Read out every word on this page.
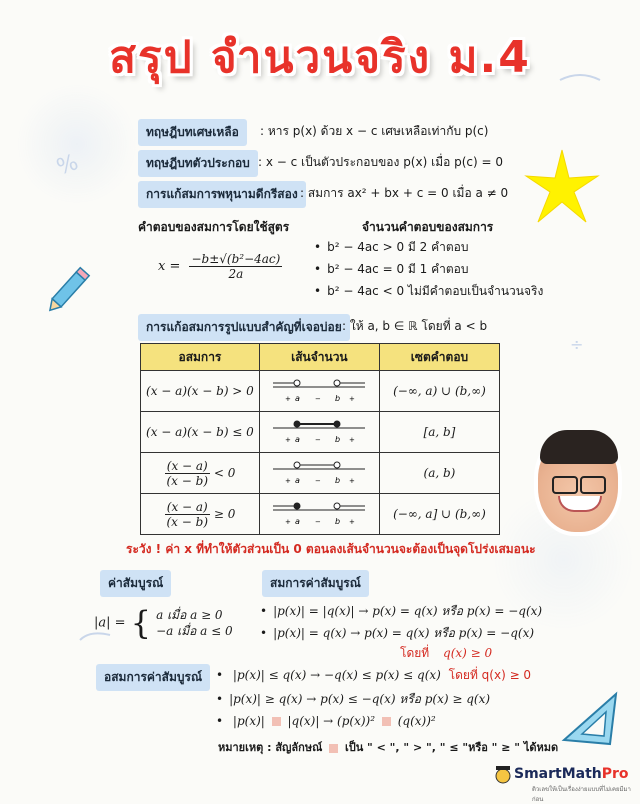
%
÷
สรุป จำนวนจริง ม.4
ทฤษฎีบทเศษเหลือ	: หาร p(x) ด้วย x − c เศษเหลือเท่ากับ p(c)
ทฤษฎีบทตัวประกอบ : x − c เป็นตัวประกอบของ p(x) เมื่อ p(c) = 0
การแก้สมการพหุนามดีกรีสอง : สมการ ax² + bx + c = 0 เมื่อ a ≠ 0
คำตอบของสมการโดยใช้สูตร
$x = \frac{\text{−b±√(b²−4ac)}}{2a}$
จำนวนคำตอบของสมการ
• b² − 4ac > 0 มี 2 คำตอบ
• b² − 4ac = 0 มี 1 คำตอบ
• b² − 4ac < 0 ไม่มีคำตอบเป็นจำนวนจริง
การแก้อสมการรูปแบบสำคัญที่เจอบ่อย : ให้ a, b ∈ ℝ โดยที่ a < b
อสมการ	เส้นจำนวน	เซตคำตอบ
(x − a)(x − b) > 0	+ a − b +	(−∞, a) ∪ (b,∞)
(x − a)(x − b) ≤ 0	+ a − b +	[a, b]

$\frac{(x - a)}{(x - b)} < 0$	+ a − b +	(a, b)

$\frac{(x - a)}{(x - b)} \ge 0$	+ a − b +	(−∞, a] ∪ (b,∞)
ระวัง ! ค่า x ที่ทำให้ตัวส่วนเป็น 0 ตอนลงเส้นจำนวนจะต้องเป็นจุดโปร่งเสมอนะ
ค่าสัมบูรณ์
|a| = { a เมื่อ a ≥ 0
−a เมื่อ a ≤ 0
สมการค่าสัมบูรณ์
• |p(x)| = |q(x)| → p(x) = q(x) หรือ p(x) = −q(x)
• |p(x)| = q(x) → p(x) = q(x) หรือ p(x) = −q(x)
โดยที่ q(x) ≥ 0
อสมการค่าสัมบูรณ์	• |p(x)| ≤ q(x) → −q(x) ≤ p(x) ≤ q(x) โดยที่ q(x) ≥ 0
• |p(x)| ≥ q(x) → p(x) ≤ −q(x) หรือ p(x) ≥ q(x)
• |p(x)| |q(x)| → (p(x))² (q(x))²
หมายเหตุ : สัญลักษณ์ เป็น " < ", " > ", " ≤ "หรือ " ≥ " ได้หมด
SmartMathPro
ติวเลขให้เป็นเรื่องง่ายแบบที่ไม่เคยมีมาก่อน
